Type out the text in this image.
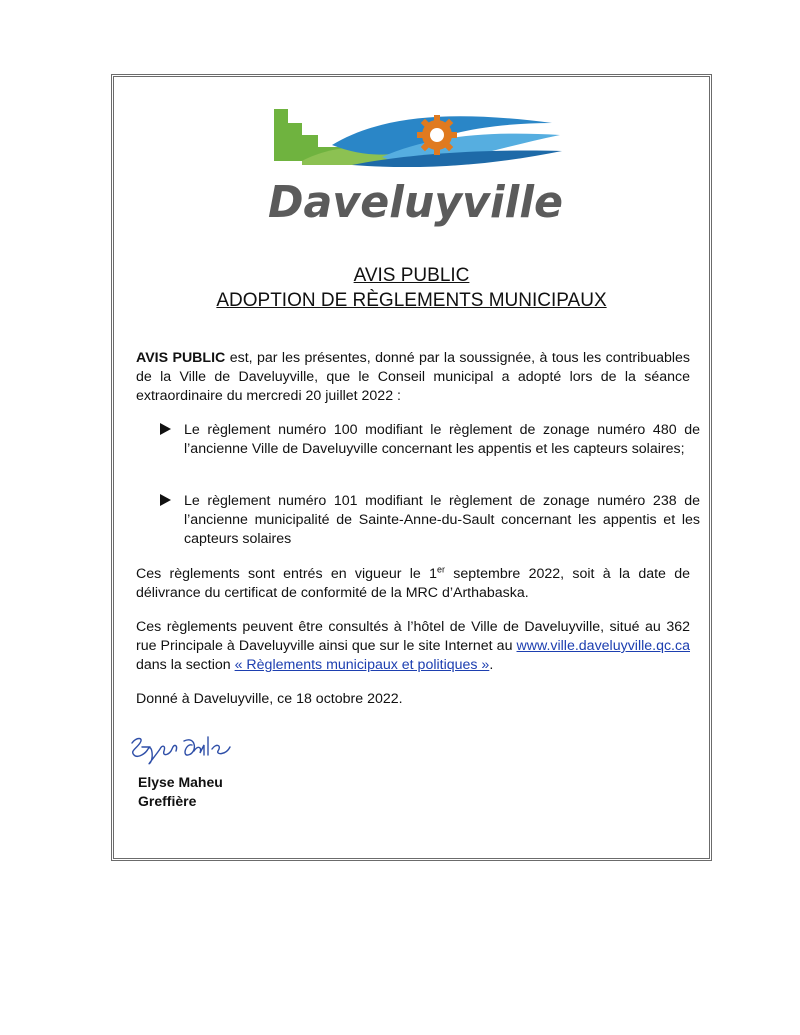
Daveluyville
AVIS PUBLIC
ADOPTION DE RÈGLEMENTS MUNICIPAUX
AVIS PUBLIC est, par les présentes, donné par la soussignée, à tous les contribuables de la Ville de Daveluyville, que le Conseil municipal a adopté lors de la séance extraordinaire du mercredi 20 juillet 2022 :
Le règlement numéro 100 modifiant le règlement de zonage numéro 480 de l’ancienne Ville de Daveluyville concernant les appentis et les capteurs solaires;
Le règlement numéro 101 modifiant le règlement de zonage numéro 238 de l’ancienne municipalité de Sainte-Anne-du-Sault concernant les appentis et les capteurs solaires
Ces règlements sont entrés en vigueur le 1er septembre 2022, soit à la date de délivrance du certificat de conformité de la MRC d’Arthabaska.
Ces règlements peuvent être consultés à l’hôtel de Ville de Daveluyville, situé au 362 rue Principale à Daveluyville ainsi que sur le site Internet au www.ville.daveluyville.qc.ca dans la section « Règlements municipaux et politiques ».
Donné à Daveluyville, ce 18 octobre 2022.
Elyse Maheu
Greffière
